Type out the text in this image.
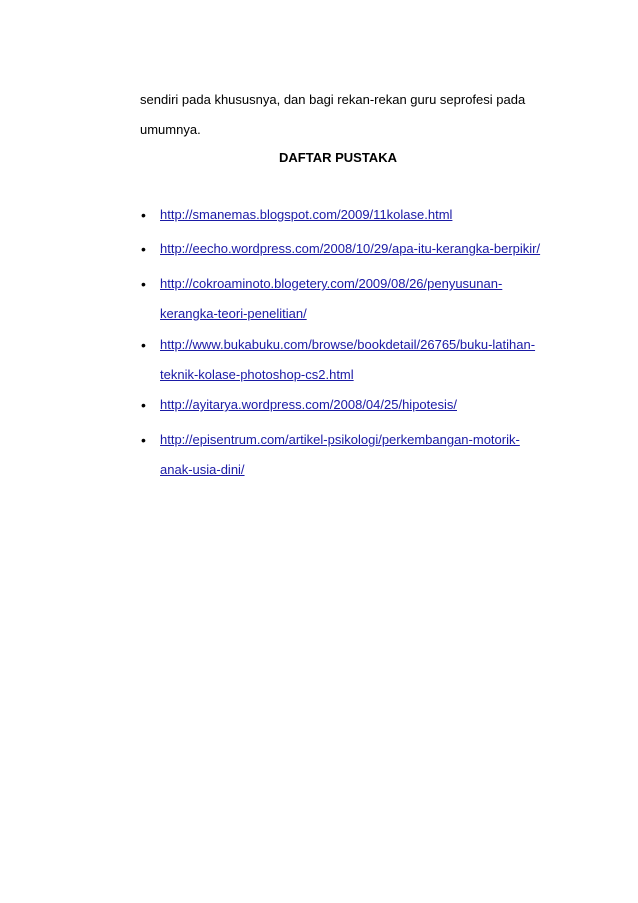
sendiri pada khususnya, dan bagi rekan-rekan guru seprofesi pada
umumnya.
DAFTAR PUSTAKA
• http://smanemas.blogspot.com/2009/11kolase.html
• http://eecho.wordpress.com/2008/10/29/apa-itu-kerangka-berpikir/
• http://cokroaminoto.blogetery.com/2009/08/26/penyusunan-
kerangka-teori-penelitian/
• http://www.bukabuku.com/browse/bookdetail/26765/buku-latihan-
teknik-kolase-photoshop-cs2.html
• http://ayitarya.wordpress.com/2008/04/25/hipotesis/
• http://episentrum.com/artikel-psikologi/perkembangan-motorik-
anak-usia-dini/
